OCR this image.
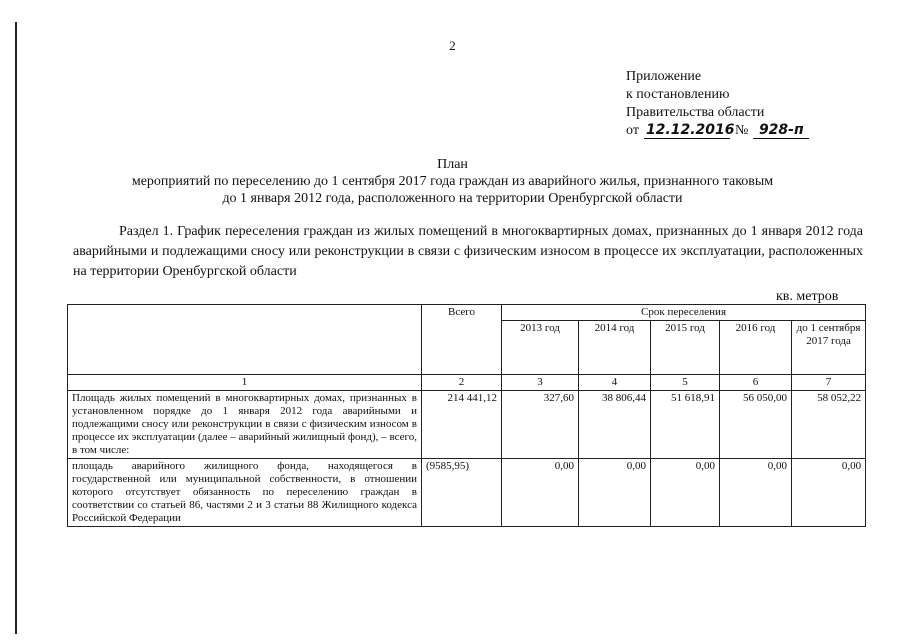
2
Приложение
к постановлению
Правительства области
от 12.12.2016 № 928-п
План
мероприятий по переселению до 1 сентября 2017 года граждан из аварийного жилья, признанного таковым
до 1 января 2012 года, расположенного на территории Оренбургской области
Раздел 1. График переселения граждан из жилых помещений в многоквартирных домах, признанных до 1 января 2012 года аварийными и подлежащими сносу или реконструкции в связи с физическим износом в процессе их эксплуатации, расположенных на территории Оренбургской области
кв. метров
	Всего	Срок переселения				
		2013 год	2014 год	2015 год	2016 год	до 1 сентября 2017 года
1	2	3	4	5	6	7
Площадь жилых помещений в многоквартирных домах, признанных в установленном порядке до 1 января 2012 года аварийными и подлежащими сносу или реконструкции в связи с физическим износом в процессе их эксплуатации (далее – аварийный жилищный фонд), – всего, в том числе:	214 441,12	327,60	38 806,44	51 618,91	56 050,00	58 052,22
площадь аварийного жилищного фонда, находящегося в государственной или муниципальной собственности, в отношении которого отсутствует обязанность по переселению граждан в соответствии со статьей 86, частями 2 и 3 статьи 88 Жилищного кодекса Российской Федерации	(9585,95)	0,00	0,00	0,00	0,00	0,00
